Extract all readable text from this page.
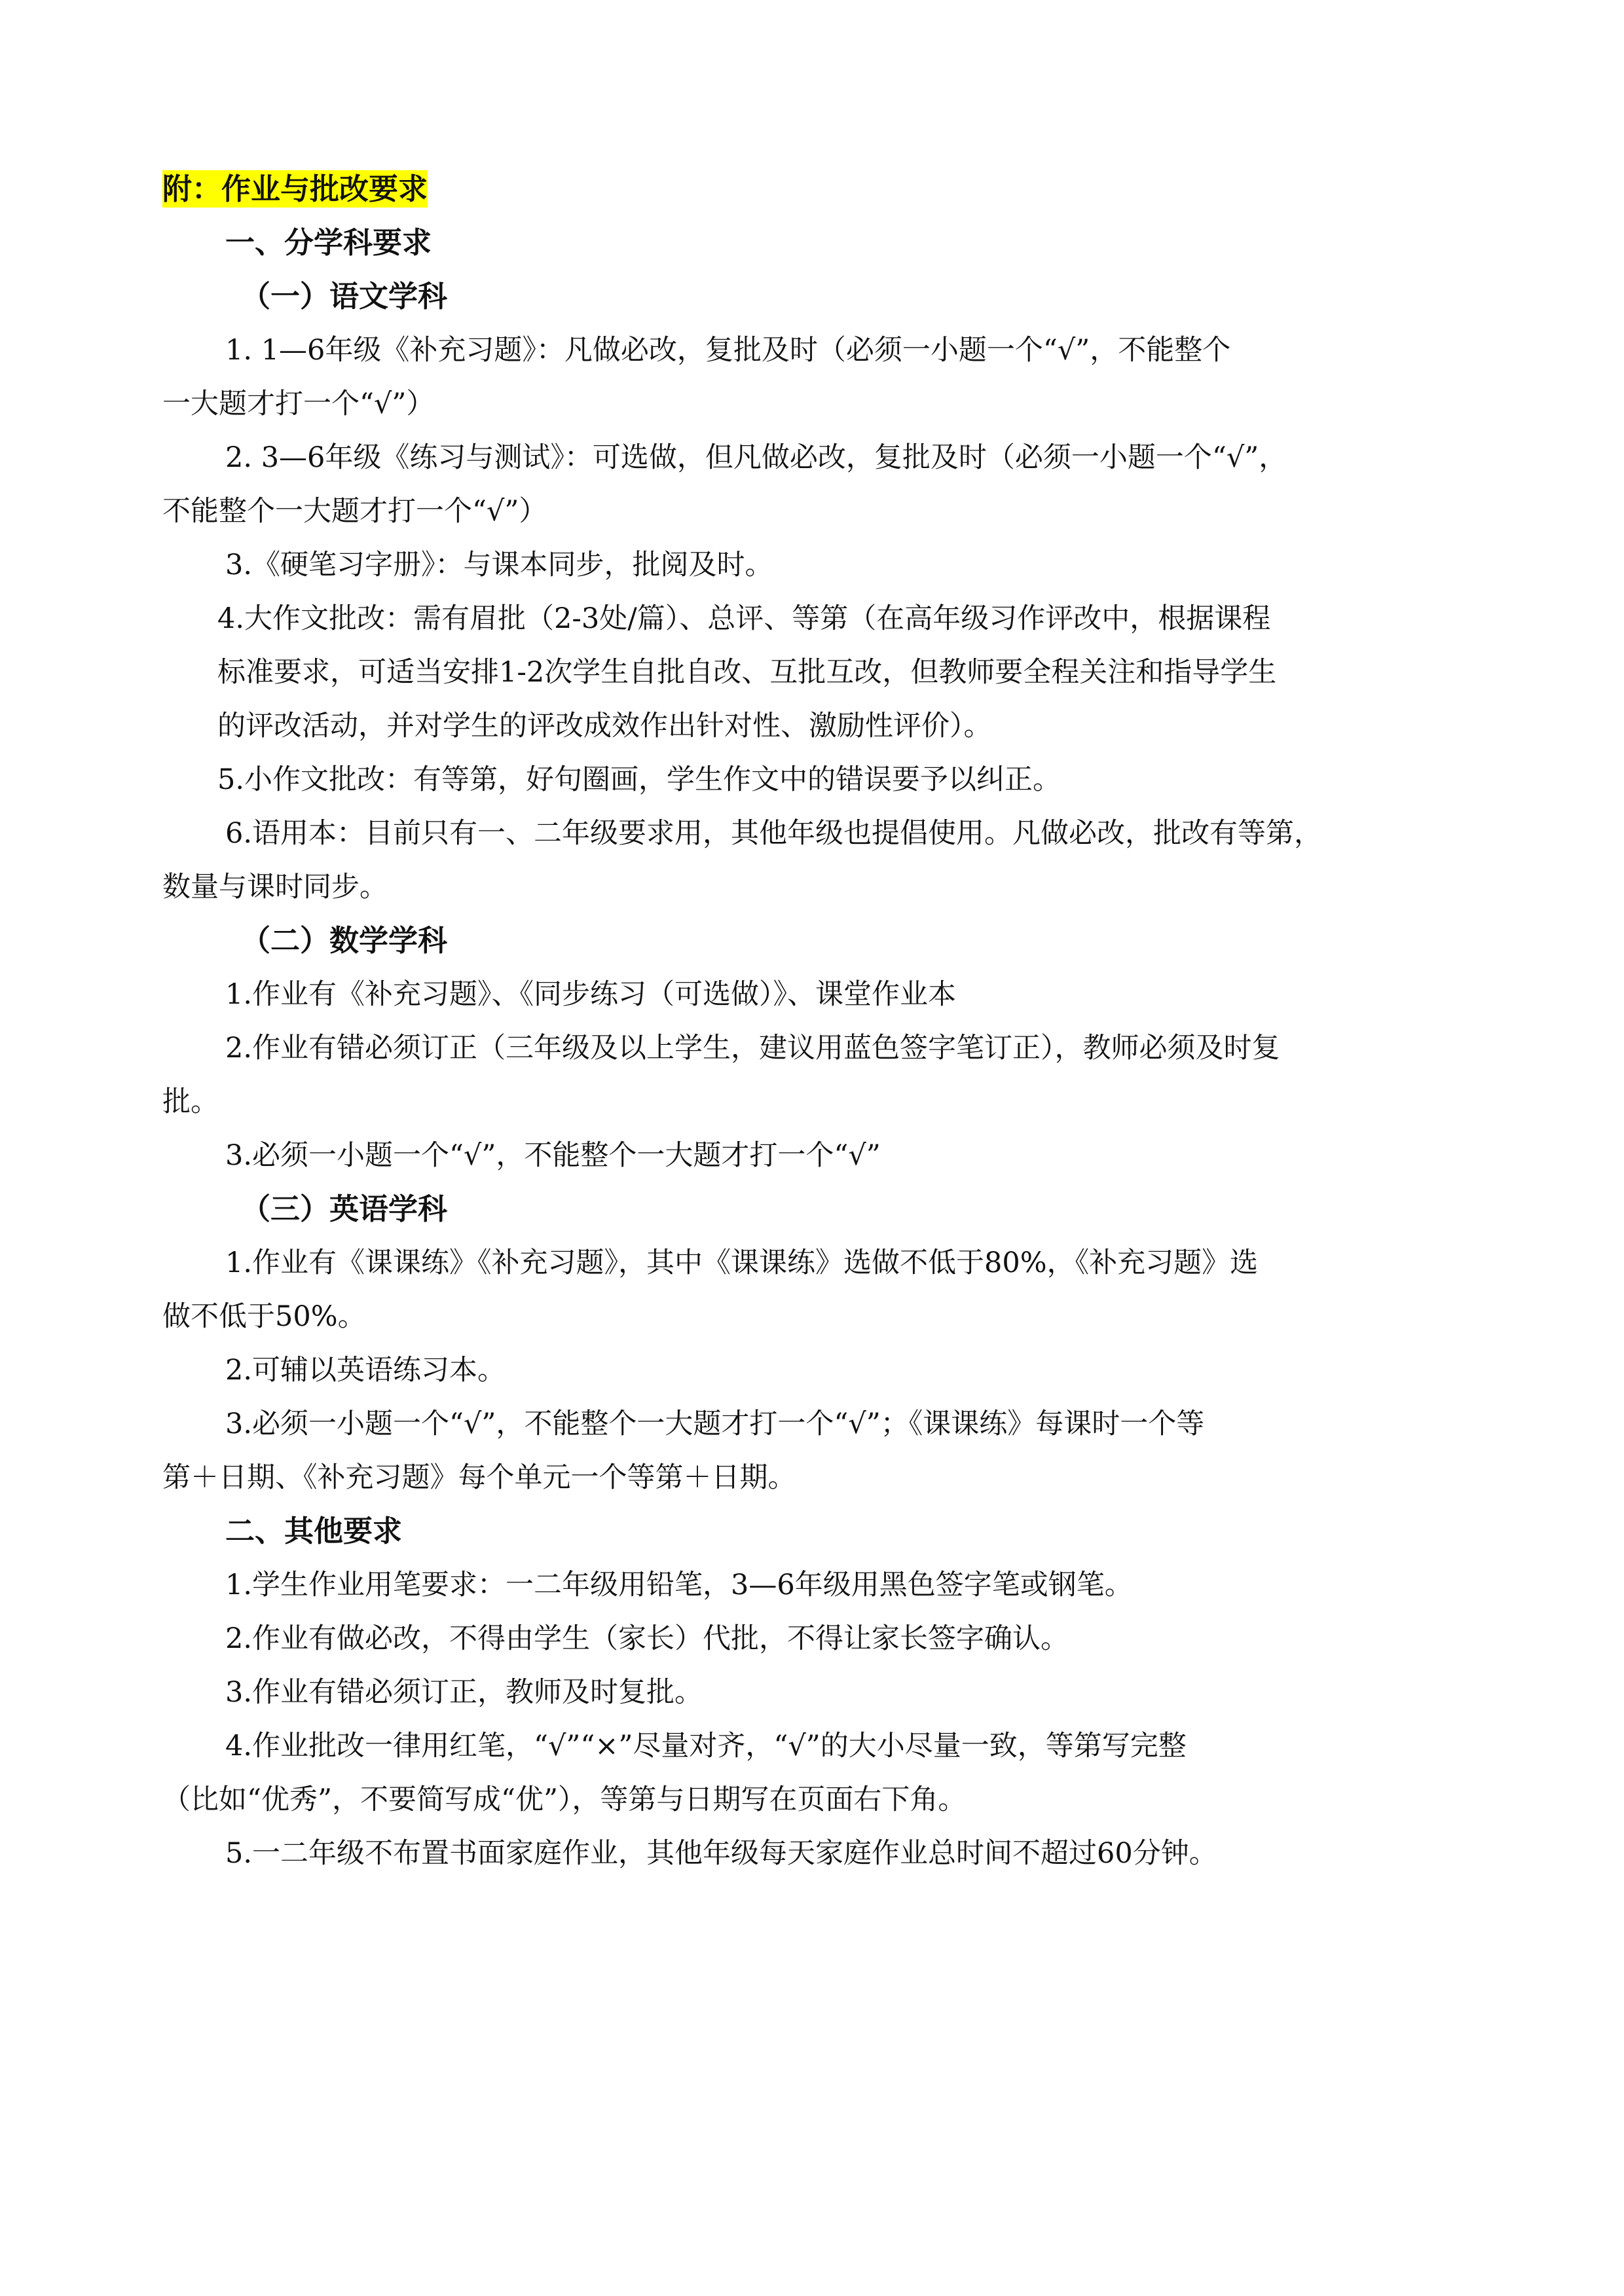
附：作业与批改要求
一、分学科要求
（一）语文学科
1. 1—6年级《补充习题》：凡做必改，复批及时（必须一小题一个“√”，不能整个
一大题才打一个“√”）
2. 3—6年级《练习与测试》：可选做，但凡做必改，复批及时（必须一小题一个“√”，
不能整个一大题才打一个“√”）
3.《硬笔习字册》：与课本同步，批阅及时。
4.大作文批改：需有眉批（2-3处/篇）、总评、等第（在高年级习作评改中，根据课程
标准要求，可适当安排1-2次学生自批自改、互批互改，但教师要全程关注和指导学生
的评改活动，并对学生的评改成效作出针对性、激励性评价）。
5.小作文批改：有等第，好句圈画，学生作文中的错误要予以纠正。
6.语用本：目前只有一、二年级要求用，其他年级也提倡使用。凡做必改，批改有等第，
数量与课时同步。
（二）数学学科
1.作业有《补充习题》、《同步练习（可选做）》、课堂作业本
2.作业有错必须订正（三年级及以上学生，建议用蓝色签字笔订正），教师必须及时复
批。
3.必须一小题一个“√”，不能整个一大题才打一个“√”
（三）英语学科
1.作业有《课课练》《补充习题》，其中《课课练》选做不低于80%，《补充习题》选
做不低于50%。
2.可辅以英语练习本。
3.必须一小题一个“√”，不能整个一大题才打一个“√”；《课课练》每课时一个等
第＋日期、《补充习题》每个单元一个等第＋日期。
二、其他要求
1.学生作业用笔要求：一二年级用铅笔，3—6年级用黑色签字笔或钢笔。
2.作业有做必改，不得由学生（家长）代批，不得让家长签字确认。
3.作业有错必须订正，教师及时复批。
4.作业批改一律用红笔，“√”“×”尽量对齐，“√”的大小尽量一致，等第写完整
（比如“优秀”，不要简写成“优”），等第与日期写在页面右下角。
5.一二年级不布置书面家庭作业，其他年级每天家庭作业总时间不超过60分钟。
